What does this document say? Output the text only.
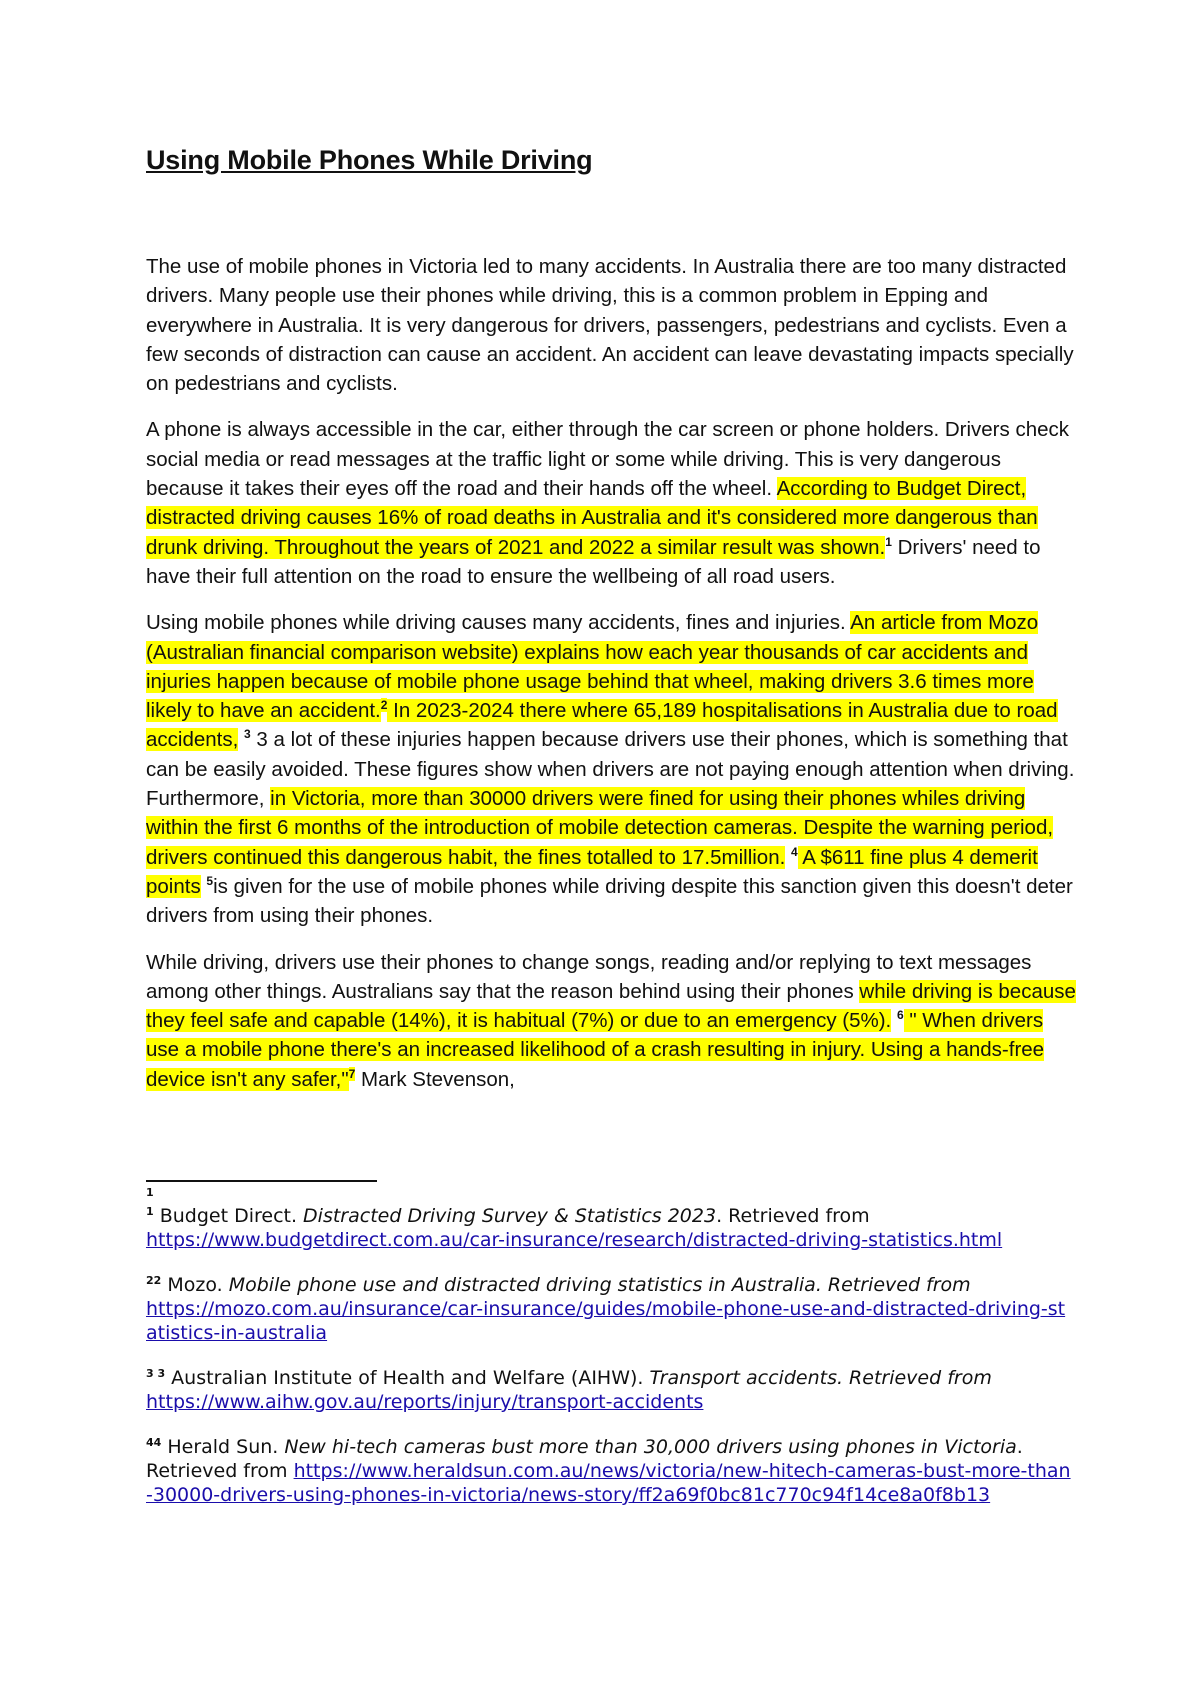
Using Mobile Phones While Driving

The use of mobile phones in Victoria led to many accidents. In Australia there are too many distracted drivers. Many people use their phones while driving, this is a common problem in Epping and everywhere in Australia. It is very dangerous for drivers, passengers, pedestrians and cyclists. Even a few seconds of distraction can cause an accident. An accident can leave devastating impacts specially on pedestrians and cyclists.

A phone is always accessible in the car, either through the car screen or phone holders. Drivers check social media or read messages at the traffic light or some while driving. This is very dangerous because it takes their eyes off the road and their hands off the wheel. According to Budget Direct, distracted driving causes 16% of road deaths in Australia and it's considered more dangerous than drunk driving. Throughout the years of 2021 and 2022 a similar result was shown.$^1$ Drivers' need to have their full attention on the road to ensure the wellbeing of all road users.

Using mobile phones while driving causes many accidents, fines and injuries. An article from Mozo (Australian financial comparison website) explains how each year thousands of car accidents and injuries happen because of mobile phone usage behind that wheel, making drivers 3.6 times more likely to have an accident.$^2$ In 2023-2024 there where 65,189 hospitalisations in Australia due to road accidents, $^3$ 3 a lot of these injuries happen because drivers use their phones, which is something that can be easily avoided. These figures show when drivers are not paying enough attention when driving. Furthermore, in Victoria, more than 30000 drivers were fined for using their phones whiles driving within the first 6 months of the introduction of mobile detection cameras. Despite the warning period, drivers continued this dangerous habit, the fines totalled to 17.5million. $^4$ A $611 fine plus 4 demerit points $^5$is given for the use of mobile phones while driving despite this sanction given this doesn't deter drivers from using their phones.

While driving, drivers use their phones to change songs, reading and/or replying to text messages among other things. Australians say that the reason behind using their phones while driving is because they feel safe and capable (14%), it is habitual (7%) or due to an emergency (5%). $^6$ " When drivers use a mobile phone there's an increased likelihood of a crash resulting in injury. Using a hands-free device isn't any safer,"$^7$ Mark Stevenson,

1
$^1$ Budget Direct. Distracted Driving Survey & Statistics 2023. Retrieved from
https://www.budgetdirect.com.au/car-insurance/research/distracted-driving-statistics.html
$^{22}$ Mozo. Mobile phone use and distracted driving statistics in Australia. Retrieved from
https://mozo.com.au/insurance/car-insurance/guides/mobile-phone-use-and-distracted-driving-statistics-in-australia
$^{3 3}$ Australian Institute of Health and Welfare (AIHW). Transport accidents. Retrieved from
https://www.aihw.gov.au/reports/injury/transport-accidents
$^{44}$ Herald Sun. New hi-tech cameras bust more than 30,000 drivers using phones in Victoria. Retrieved from https://www.heraldsun.com.au/news/victoria/new-hitech-cameras-bust-more-than-30000-drivers-using-phones-in-victoria/news-story/ff2a69f0bc81c770c94f14ce8a0f8b13
